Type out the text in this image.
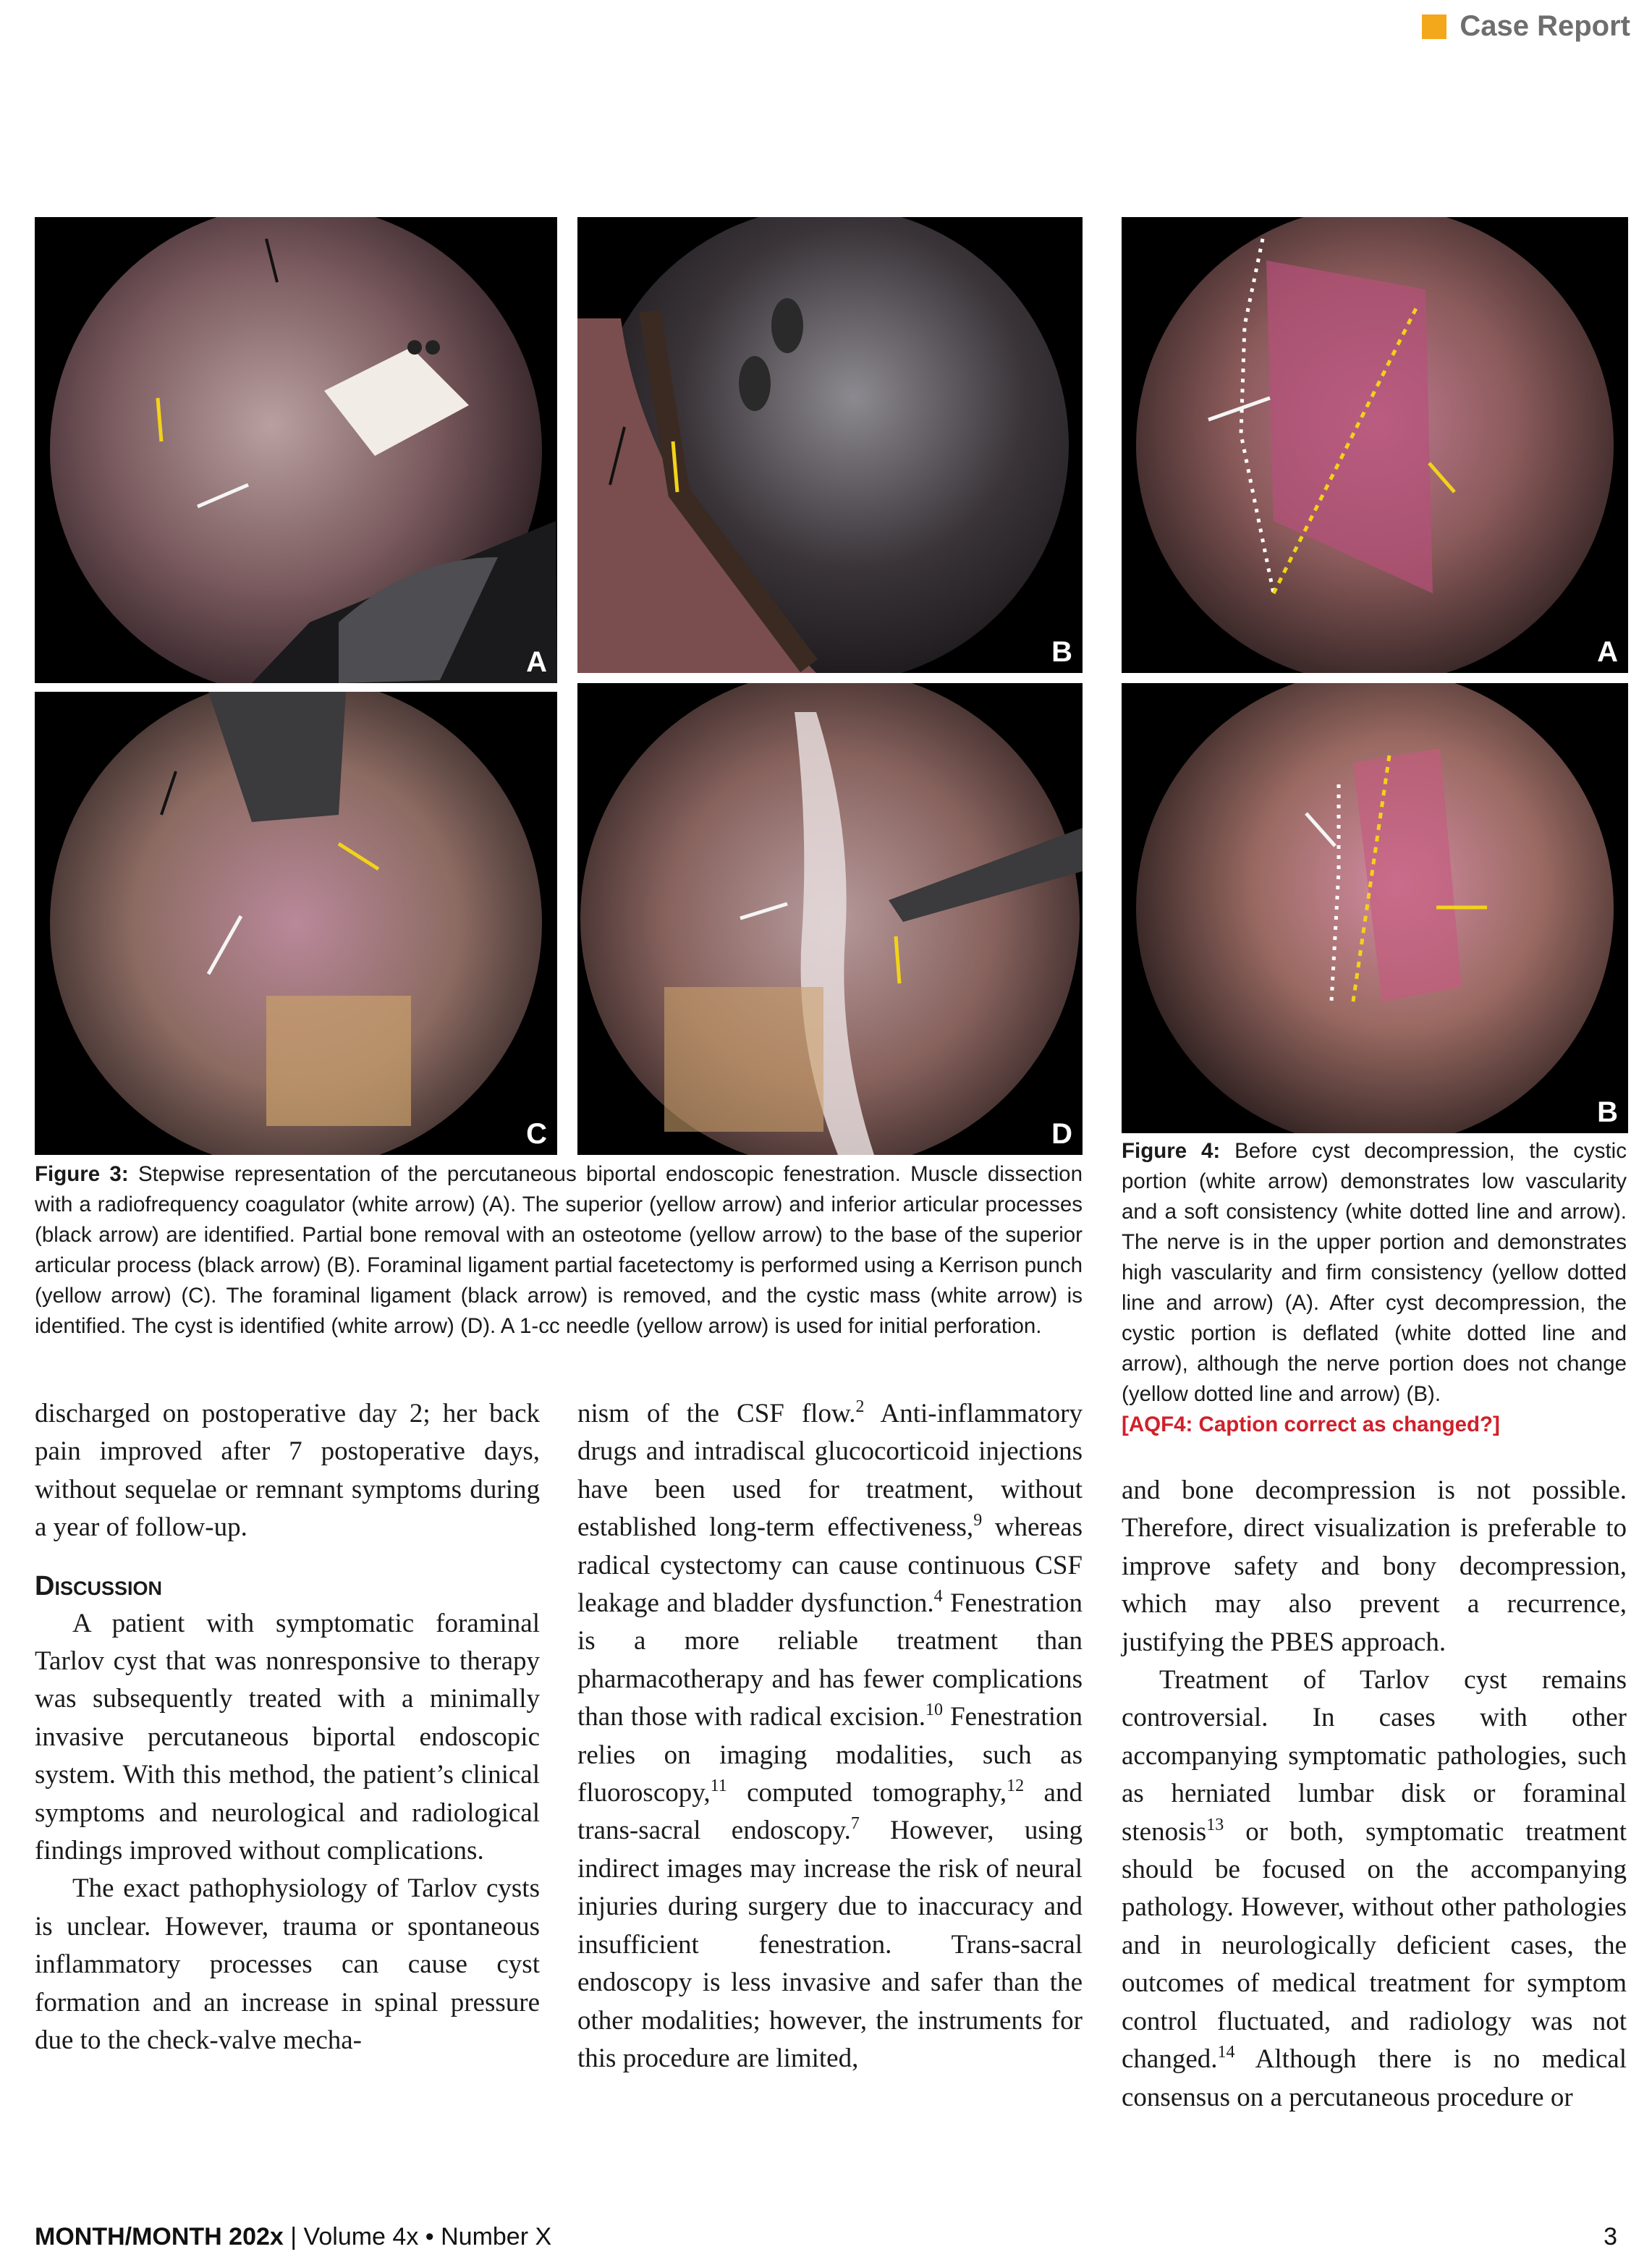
Case Report
A	B
C	D
A
B
Figure 3: Stepwise representation of the percutaneous biportal endoscopic fenestration. Muscle dissection with a radiofrequency coagulator (white arrow) (A). The superior (yellow arrow) and inferior articular processes (black arrow) are identified. Partial bone removal with an osteotome (yellow arrow) to the base of the superior articular process (black arrow) (B). Foraminal ligament partial facetectomy is performed using a Kerrison punch (yellow arrow) (C). The foraminal ligament (black arrow) is removed, and the cystic mass (white arrow) is identified. The cyst is identified (white arrow) (D). A 1-cc needle (yellow arrow) is used for initial perforation.
Figure 4: Before cyst decompression, the cystic portion (white arrow) demonstrates low vascularity and a soft consistency (white dotted line and arrow). The nerve is in the upper portion and demonstrates high vascularity and firm consistency (yellow dotted line and arrow) (A). After cyst decompression, the cystic portion is deflated (white dotted line and arrow), although the nerve portion does not change (yellow dotted line and arrow) (B).
[AQF4: Caption correct as changed?]

discharged on postoperative day 2; her back pain improved after 7 postoperative days, without sequelae or remnant symptoms during a year of follow-up.

Discussion

A patient with symptomatic foraminal Tarlov cyst that was nonresponsive to therapy was subsequently treated with a minimally invasive percutaneous biportal endoscopic system. With this method, the patient’s clinical symptoms and neurological and radiological findings improved without complications.

The exact pathophysiology of Tarlov cysts is unclear. However, trauma or spontaneous inflammatory processes can cause cyst formation and an increase in spinal pressure due to the check-valve mecha-

nism of the CSF flow.$^2$ Anti-inflammatory drugs and intradiscal glucocorticoid injections have been used for treatment, without established long-term effectiveness,$^9$ whereas radical cystectomy can cause continuous CSF leakage and bladder dysfunction.$^4$ Fenestration is a more reliable treatment than pharmacotherapy and has fewer complications than those with radical excision.$^{10}$ Fenestration relies on imaging modalities, such as fluoroscopy,$^{11}$ computed tomography,$^{12}$ and trans-sacral endoscopy.$^7$ However, using indirect images may increase the risk of neural injuries during surgery due to inaccuracy and insufficient fenestration. Trans-sacral endoscopy is less invasive and safer than the other modalities; however, the instruments for this procedure are limited,

and bone decompression is not possible. Therefore, direct visualization is preferable to improve safety and bony decompression, which may also prevent a recurrence, justifying the PBES approach.

Treatment of Tarlov cyst remains controversial. In cases with other accompanying symptomatic pathologies, such as herniated lumbar disk or foraminal stenosis$^{13}$ or both, symptomatic treatment should be focused on the accompanying pathology. However, without other pathologies and in neurologically deficient cases, the outcomes of medical treatment for symptom control fluctuated, and radiology was not changed.$^{14}$ Although there is no medical consensus on a percutaneous procedure or

MONTH/MONTH 202x | Volume 4x • Number X	3
